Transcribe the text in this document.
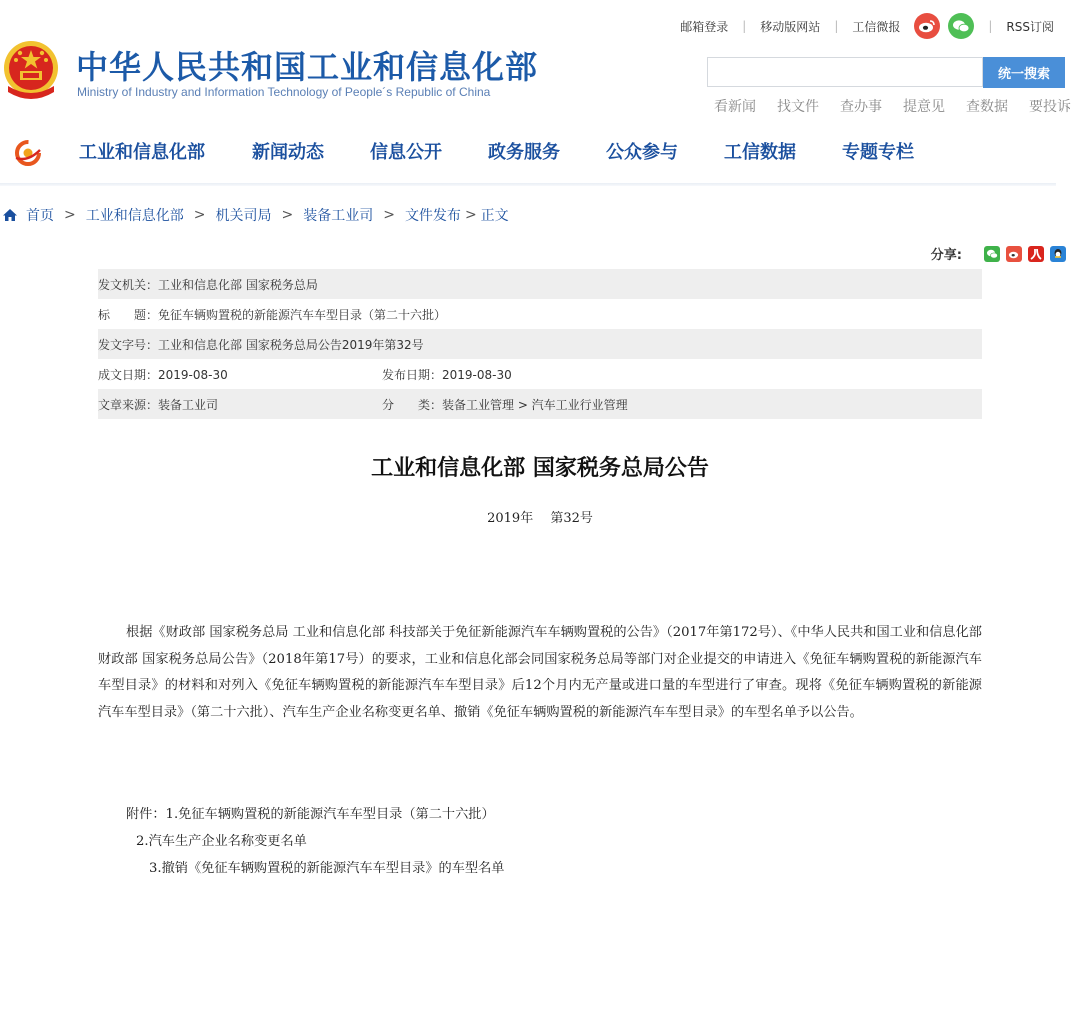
中华人民共和国工业和信息化部
Ministry of Industry and Information Technology of People´s Republic of China
邮箱登录 | 移动版网站 | 工信微报	| RSS订阅
统一搜索
看新闻 找文件 查办事 提意见 查数据 要投诉
工业和信息化部	新闻动态	信息公开	政务服务	公众参与	工信数据	专题专栏
首页 > 工业和信息化部 > 机关司局 > 装备工业司 > 文件发布 > 正文
分享:
发文机关：工业和信息化部 国家税务总局
标　　题：免征车辆购置税的新能源汽车车型目录（第二十六批）
发文字号：工业和信息化部 国家税务总局公告2019年第32号
成文日期：2019-08-30	发布日期：2019-08-30
文章来源：装备工业司	分　　类：装备工业管理 > 汽车工业行业管理
工业和信息化部 国家税务总局公告
2019年　 第32号
根据《财政部 国家税务总局 工业和信息化部 科技部关于免征新能源汽车车辆购置税的公告》（2017年第172号）、《中华人民共和国工业和信息化部 财政部 国家税务总局公告》（2018年第17号）的要求，工业和信息化部会同国家税务总局等部门对企业提交的申请进入《免征车辆购置税的新能源汽车车型目录》的材料和对列入《免征车辆购置税的新能源汽车车型目录》后12个月内无产量或进口量的车型进行了审查。现将《免征车辆购置税的新能源汽车车型目录》（第二十六批）、汽车生产企业名称变更名单、撤销《免征车辆购置税的新能源汽车车型目录》的车型名单予以公告。
附件：1.免征车辆购置税的新能源汽车车型目录（第二十六批）
2.汽车生产企业名称变更名单
3.撤销《免征车辆购置税的新能源汽车车型目录》的车型名单
